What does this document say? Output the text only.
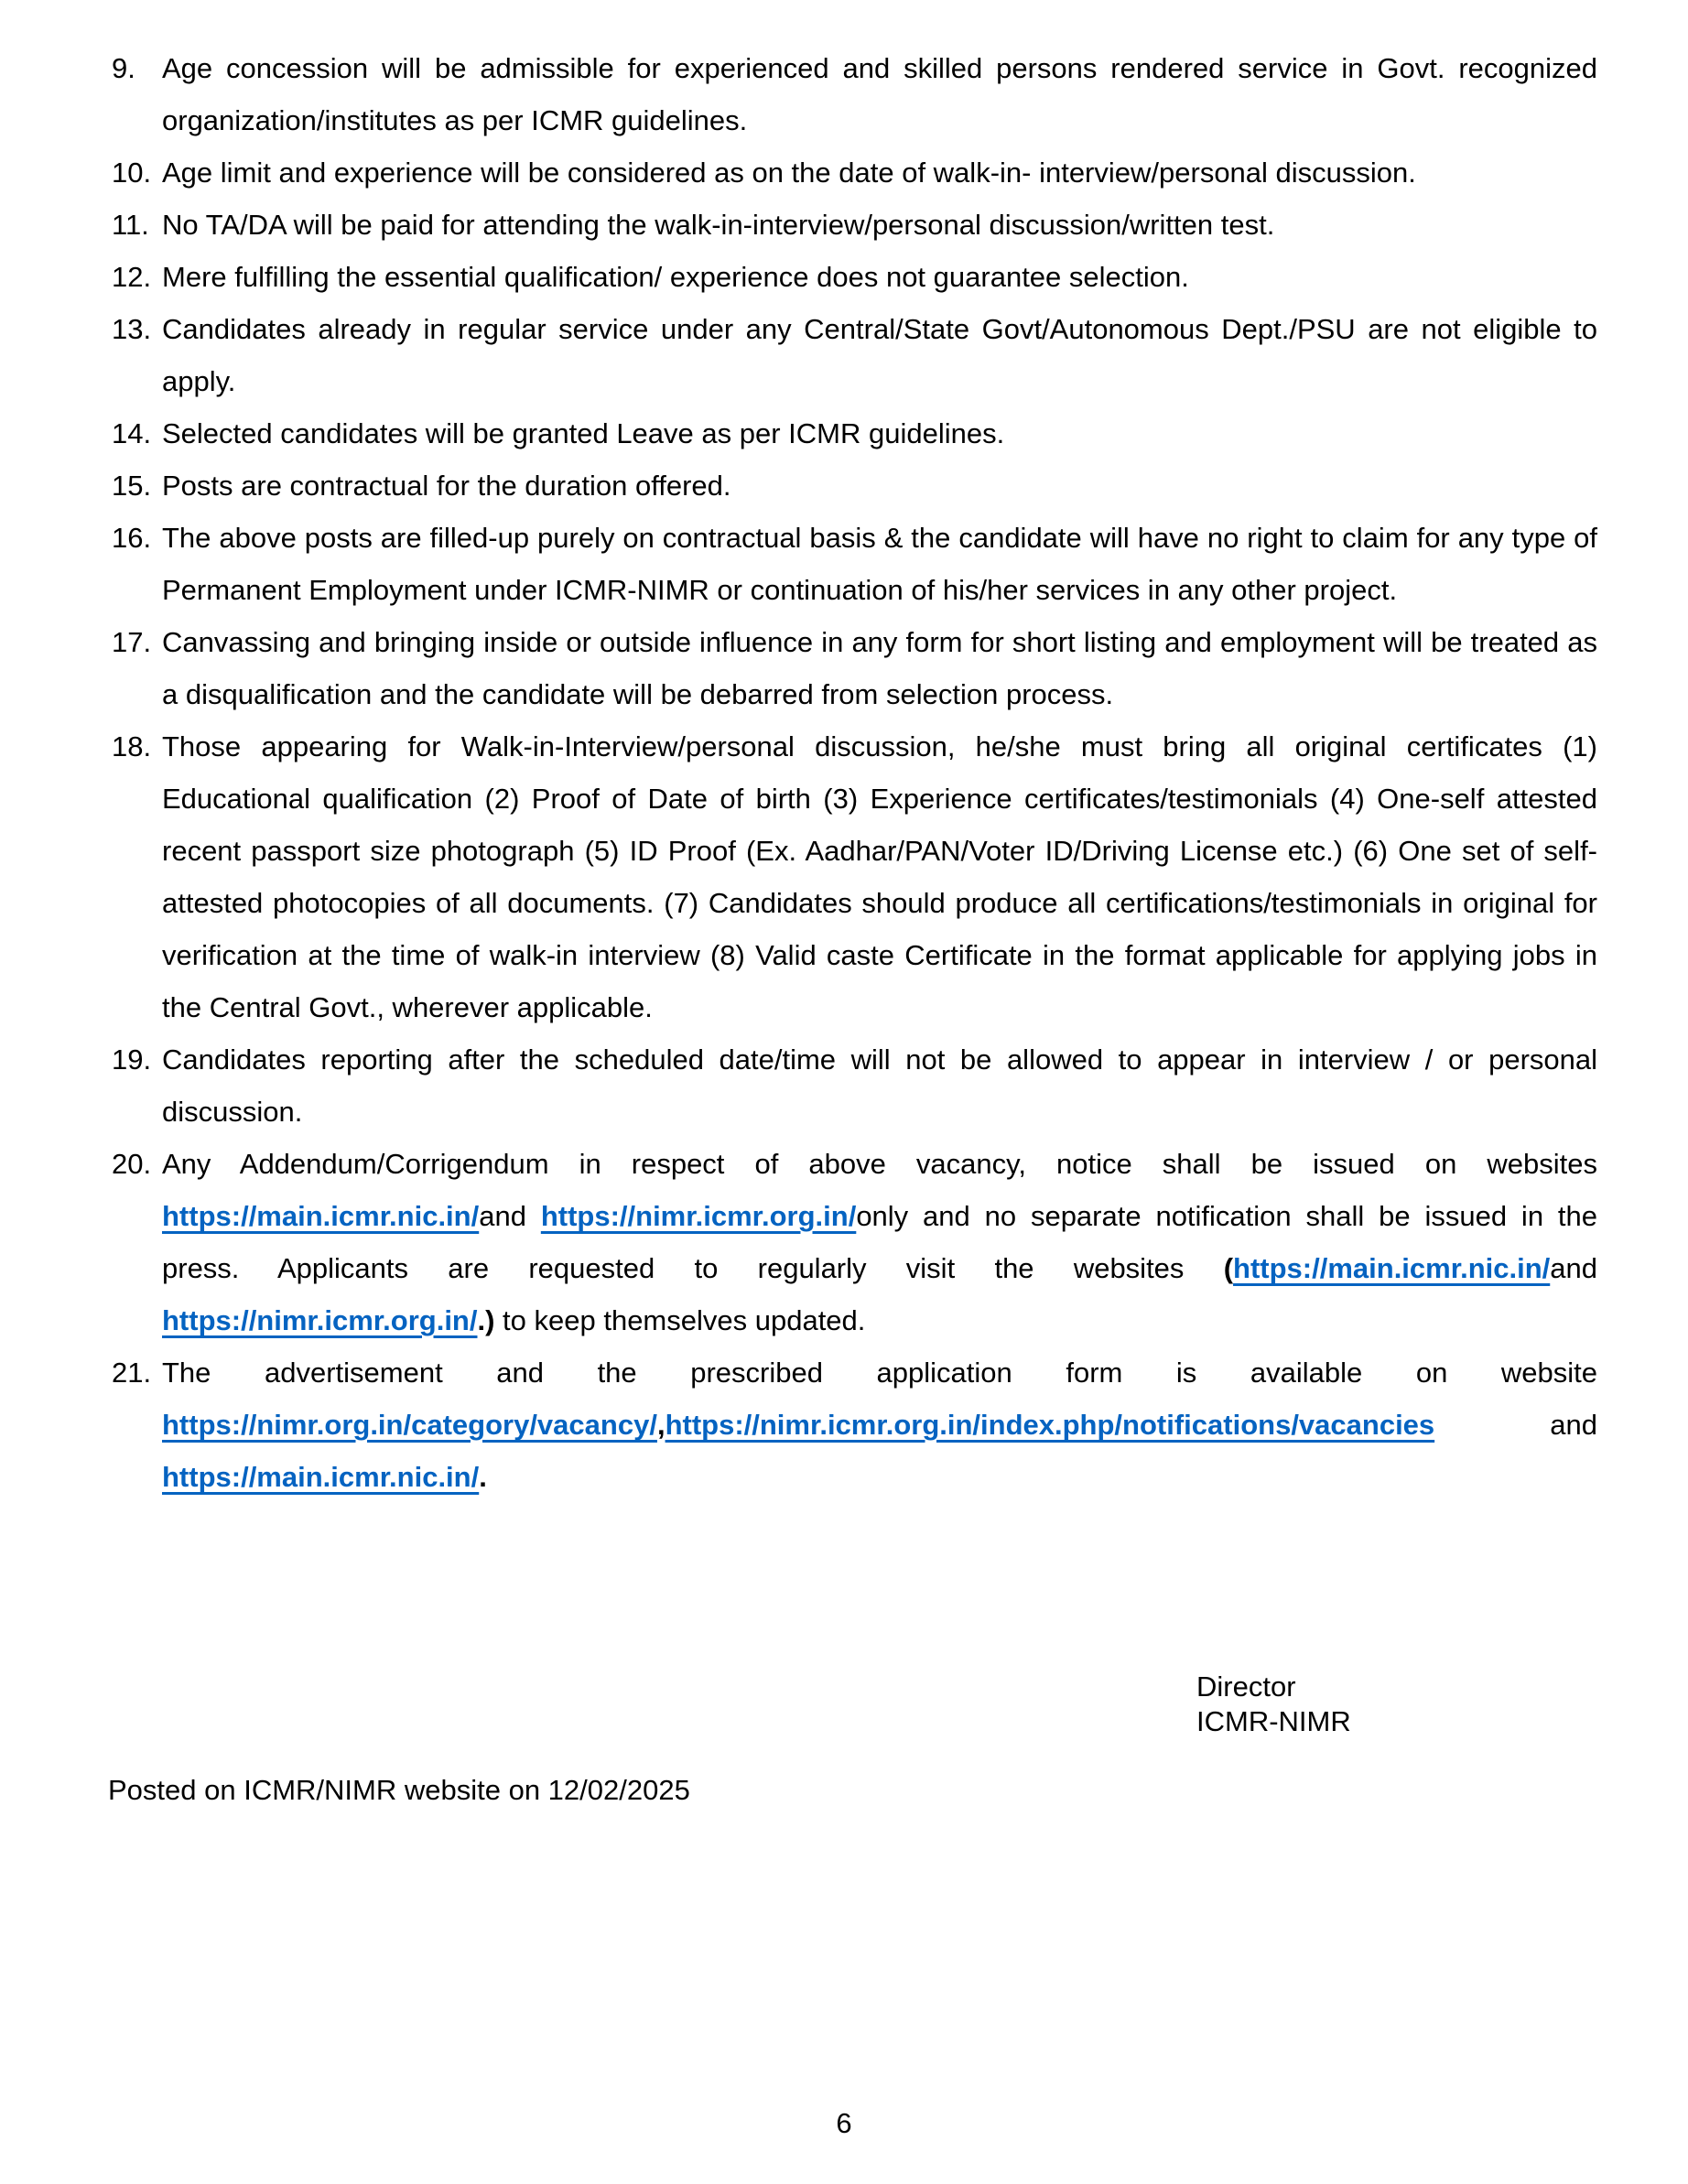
9. Age concession will be admissible for experienced and skilled persons rendered service in Govt. recognized organization/institutes as per ICMR guidelines.
10. Age limit and experience will be considered as on the date of walk-in- interview/personal discussion.
11. No TA/DA will be paid for attending the walk-in-interview/personal discussion/written test.
12. Mere fulfilling the essential qualification/ experience does not guarantee selection.
13. Candidates already in regular service under any Central/State Govt/Autonomous Dept./PSU are not eligible to apply.
14. Selected candidates will be granted Leave as per ICMR guidelines.
15. Posts are contractual for the duration offered.
16. The above posts are filled-up purely on contractual basis & the candidate will have no right to claim for any type of Permanent Employment under ICMR-NIMR or continuation of his/her services in any other project.
17. Canvassing and bringing inside or outside influence in any form for short listing and employment will be treated as a disqualification and the candidate will be debarred from selection process.
18. Those appearing for Walk-in-Interview/personal discussion, he/she must bring all original certificates (1) Educational qualification (2) Proof of Date of birth (3) Experience certificates/testimonials (4) One-self attested recent passport size photograph (5) ID Proof (Ex. Aadhar/PAN/Voter ID/Driving License etc.) (6) One set of self-attested photocopies of all documents. (7) Candidates should produce all certifications/testimonials in original for verification at the time of walk-in interview (8) Valid caste Certificate in the format applicable for applying jobs in the Central Govt., wherever applicable.
19. Candidates reporting after the scheduled date/time will not be allowed to appear in interview / or personal discussion.
20. Any Addendum/Corrigendum in respect of above vacancy, notice shall be issued on websites https://main.icmr.nic.in/and https://nimr.icmr.org.in/only and no separate notification shall be issued in the press. Applicants are requested to regularly visit the websites (https://main.icmr.nic.in/and https://nimr.icmr.org.in/.) to keep themselves updated.
21. The advertisement and the prescribed application form is available on website https://nimr.org.in/category/vacancy/,https://nimr.icmr.org.in/index.php/notifications/vacancies and https://main.icmr.nic.in/.
Director
ICMR-NIMR
Posted on ICMR/NIMR website on 12/02/2025
6
